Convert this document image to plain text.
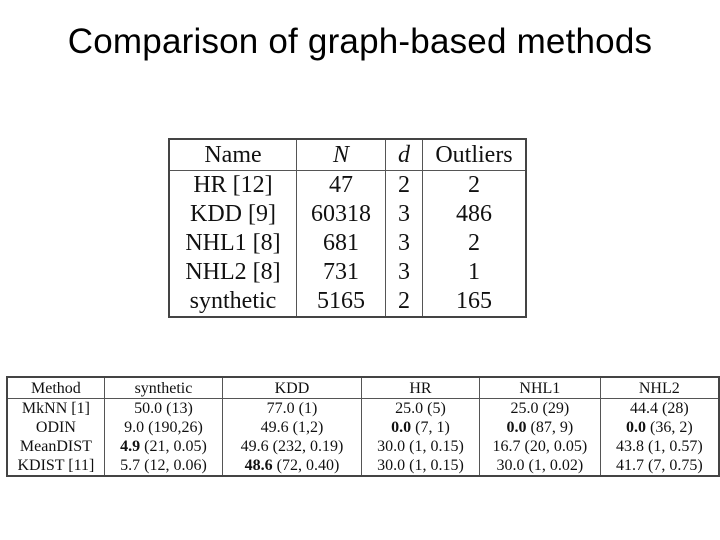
Comparison of graph-based methods
Name	N	d	Outliers
HR [12]	47	2	2
KDD [9]	60318	3	486
NHL1 [8]	681	3	2
NHL2 [8]	731	3	1
synthetic	5165	2	165
Method	synthetic	KDD	HR	NHL1	NHL2
MkNN [1]	50.0 (13)	77.0 (1)	25.0 (5)	25.0 (29)	44.4 (28)
ODIN	9.0 (190,26)	49.6 (1,2)	0.0 (7, 1)	0.0 (87, 9)	0.0 (36, 2)
MeanDIST	4.9 (21, 0.05)	49.6 (232, 0.19)	30.0 (1, 0.15)	16.7 (20, 0.05)	43.8 (1, 0.57)
KDIST [11]	5.7 (12, 0.06)	48.6 (72, 0.40)	30.0 (1, 0.15)	30.0 (1, 0.02)	41.7 (7, 0.75)
